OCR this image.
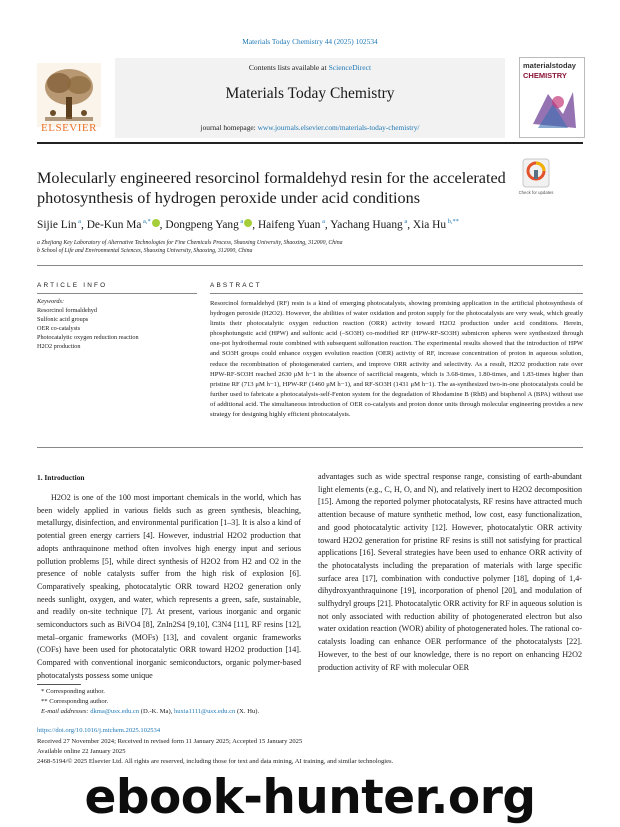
Materials Today Chemistry 44 (2025) 102534
Contents lists available at ScienceDirect
Materials Today Chemistry
journal homepage: www.journals.elsevier.com/materials-today-chemistry/
ELSEVIER
materialstoday
CHEMISTRY
Molecularly engineered resorcinol formaldehyd resin for the accelerated photosynthesis of hydrogen peroxide under acid conditions	Check for updates
Sijie Lin $^a$, De-Kun Ma $^{a,*}$ , Dongpeng Yang $^a$ , Haifeng Yuan $^a$, Yachang Huang $^a$, Xia Hu $^{b,**}$
a Zhejiang Key Laboratory of Alternative Technologies for Fine Chemicals Process, Shaoxing University, Shaoxing, 312000, China
b School of Life and Environmental Sciences, Shaoxing University, Shaoxing, 312000, China
ARTICLE INFO	ABSTRACT
Keywords:
Resorcinol formaldehyd
Sulfonic acid groups
OER co-catalysts
Photocatalytic oxygen reduction reaction
H2O2 production
Resorcinol formaldehyd (RF) resin is a kind of emerging photocatalysts, showing promising application in the artificial photosynthesis of hydrogen peroxide (H2O2). However, the abilities of water oxidation and proton supply for the photocatalysts are very weak, which greatly limits their photocatalytic oxygen reduction reaction (ORR) activity toward H2O2 production under acid conditions. Herein, phosphotungstic acid (HPW) and sulfonic acid (–SO3H) co-modified RF (HPW-RF-SO3H) submicron spheres were synthesized through one-pot hydrothermal route combined with subsequent sulfonation reaction. The experimental results showed that the introduction of HPW and SO3H groups could enhance oxygen evolution reaction (OER) activity of RF, increase concentration of proton in aqueous solution, reduce the recombination of photogenerated carriers, and improve ORR activity and selectivity. As a result, H2O2 production rate over HPW-RF-SO3H reached 2630 μM h−1 in the absence of sacrificial reagents, which is 3.68-times, 1.80-times, and 1.83-times higher than pristine RF (713 μM h−1), HPW-RF (1460 μM h−1), and RF-SO3H (1431 μM h−1). The as-synthesized two-in-one photocatalysts could be further used to fabricate a photocatalysis-self-Fenton system for the degradation of Rhodamine B (RhB) and bisphenol A (BPA) without use of additional acid. The simultaneous introduction of OER co-catalysts and proton donor units through molecular engineering provides a new strategy for designing highly efficient photocatalysts.
1. Introduction
H2O2 is one of the 100 most important chemicals in the world, which has been widely applied in various fields such as green synthesis, bleaching, metallurgy, disinfection, and environmental purification [1–3]. It is also a kind of potential green energy carriers [4]. However, industrial H2O2 production that adopts anthraquinone method often involves high energy input and serious pollution problems [5], while direct synthesis of H2O2 from H2 and O2 in the presence of noble catalysts suffer from the high risk of explosion [6]. Comparatively speaking, photocatalytic ORR toward H2O2 generation only needs sunlight, oxygen, and water, which represents a green, safe, sustainable, and readily on-site technique [7]. At present, various inorganic and organic semiconductors such as BiVO4 [8], ZnIn2S4 [9,10], C3N4 [11], RF resins [12], metal–organic frameworks (MOFs) [13], and covalent organic frameworks (COFs) have been used for photocatalytic ORR toward H2O2 production [14]. Compared with conventional inorganic semiconductors, organic polymer-based photocatalysts possess some unique
advantages such as wide spectral response range, consisting of earth-abundant light elements (e.g., C, H, O, and N), and relatively inert to H2O2 decomposition [15]. Among the reported polymer photocatalysts, RF resins have attracted much attention because of mature synthetic method, low cost, easy functionalization, and good photocatalytic activity [12]. However, photocatalytic ORR activity toward H2O2 generation for pristine RF resins is still not satisfying for practical applications [16]. Several strategies have been used to enhance ORR activity of the photocatalysts including the preparation of materials with large specific surface area [17], combination with conductive polymer [18], doping of 1,4-dihydroxyanthraquinone [19], incorporation of phenol [20], and modulation of sulfhydryl groups [21]. Photocatalytic ORR activity for RF in aqueous solution is not only associated with reduction ability of photogenerated electron but also water oxidation reaction (WOR) ability of photogenerated holes. The rational co-catalysts loading can enhance OER performance of the photocatalysts [22]. However, to the best of our knowledge, there is no report on enhancing H2O2 production activity of RF with molecular OER
* Corresponding author.
** Corresponding author.
E-mail addresses: dkma@usx.edu.cn (D.-K. Ma), huxia1111@usx.edu.cn (X. Hu).
https://doi.org/10.1016/j.mtchem.2025.102534
Received 27 November 2024; Received in revised form 11 January 2025; Accepted 15 January 2025
Available online 22 January 2025
2468-5194/© 2025 Elsevier Ltd. All rights are reserved, including those for text and data mining, AI training, and similar technologies.
ebook-hunter.org
